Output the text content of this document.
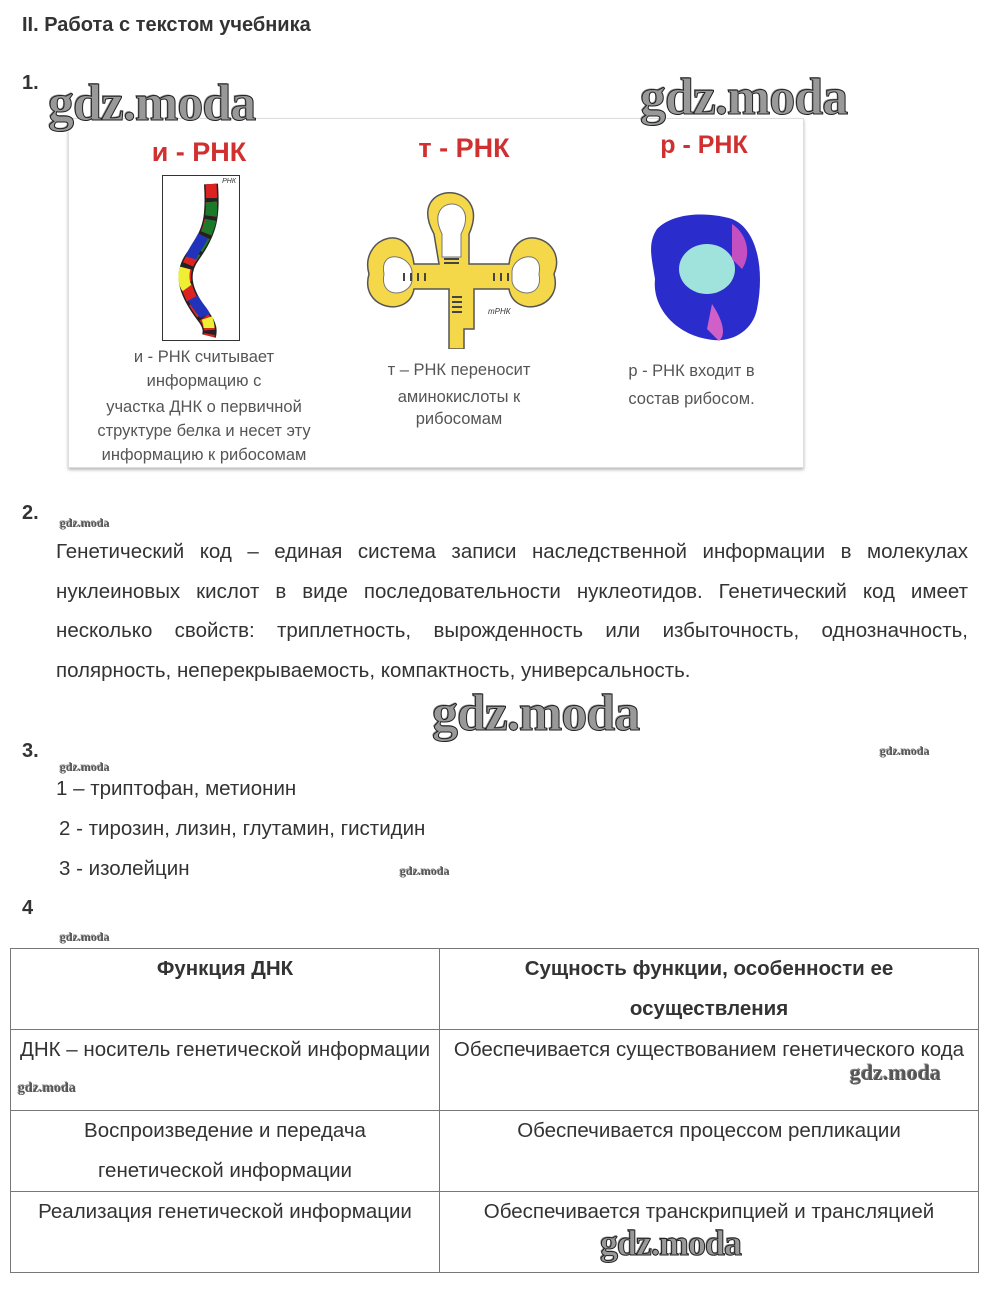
II. Работа с текстом учебника
1.
и - РНК	т - РНК	р - РНК
РНК
и - РНК считывает
информацию с
участка ДНК о первичной
структуре белка и несет эту
информацию к рибосомам
тРНК
т – РНК переносит
аминокислоты к
рибосомам
р - РНК входит в
состав рибосом.
2.
Генетический код – единая система записи наследственной информации в молекулах нуклеиновых кислот в виде последовательности нуклеотидов. Генетический код имеет несколько свойств: триплетность, вырожденность или избыточность, однозначность, полярность, неперекрываемость, компактность, универсальность.
3.
1 – триптофан, метионин
2 - тирозин, лизин, глутамин, гистидин
3 - изолейцин
4
Функция ДНК	Сущность функции, особенности ее осуществления
ДНК – носитель генетической информации	Обеспечивается существованием генетического кода
Воспроизведение и передача генетической информации	Обеспечивается процессом репликации
Реализация генетической информации	Обеспечивается транскрипцией и трансляцией
gdz.moda	gdz.moda
gdz.moda
gdz.moda
gdz.moda
gdz.moda
gdz.moda
gdz.moda
gdz.moda
gdz.moda
gdz.moda
